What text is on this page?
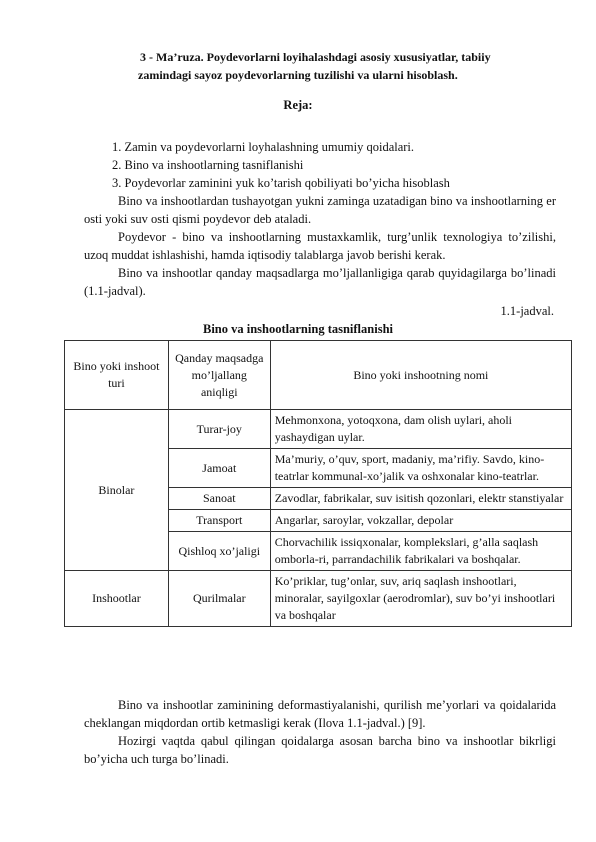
3 - Ma’ruza. Poydevorlarni loyihalashdagi asosiy xususiyatlar, tabiiy
zamindagi sayoz poydevorlarning tuzilishi va ularni hisoblash.
Reja:
1. Zamin va poydevorlarni loyhalashning umumiy qoidalari.
2. Bino va inshootlarning tasniflanishi
3. Poydevorlar zaminini yuk ko’tarish qobiliyati bo’yicha hisoblash
Bino va inshootlardan tushayotgan yukni zaminga uzatadigan bino va inshootlarning er osti yoki suv osti qismi poydevor deb ataladi.
Poydevor - bino va inshootlarning mustaxkamlik, turg’unlik texnologiya to’zilishi, uzoq muddat ishlashishi, hamda iqtisodiy talablarga javob berishi kerak.
Bino va inshootlar qanday maqsadlarga mo’ljallanligiga qarab quyidagilarga bo’linadi (1.1-jadval).
1.1-jadval.
Bino va inshootlarning tasniflanishi
Bino yoki inshoot turi	Qanday maqsadga mo’ljallang aniqligi	Bino yoki inshootning nomi
Binolar	Turar-joy	Mehmonxona, yotoqxona, dam olish uylari, aholi yashaydigan uylar.
	Jamoat	Ma’muriy, o’quv, sport, madaniy, ma’rifiy. Savdo, kino-teatrlar kommunal-xo’jalik va oshxonalar kino-teatrlar.
	Sanoat	Zavodlar, fabrikalar, suv isitish qozonlari, elektr stanstiyalar
	Transport	Angarlar, saroylar, vokzallar, depolar
	Qishloq xo’jaligi	Chorvachilik issiqxonalar, komplekslari, g’alla saqlash omborla-ri, parrandachilik fabrikalari va boshqalar.
Inshootlar	Qurilmalar	Ko’priklar, tug’onlar, suv, ariq saqlash inshootlari, minoralar, sayilgoxlar (aerodromlar), suv bo’yi inshootlari va boshqalar
Bino va inshootlar zaminining deformastiyalanishi, qurilish me’yorlari va qoidalarida cheklangan miqdordan ortib ketmasligi kerak (Ilova 1.1-jadval.) [9].
Hozirgi vaqtda qabul qilingan qoidalarga asosan barcha bino va inshootlar bikrligi bo’yicha uch turga bo’linadi.
